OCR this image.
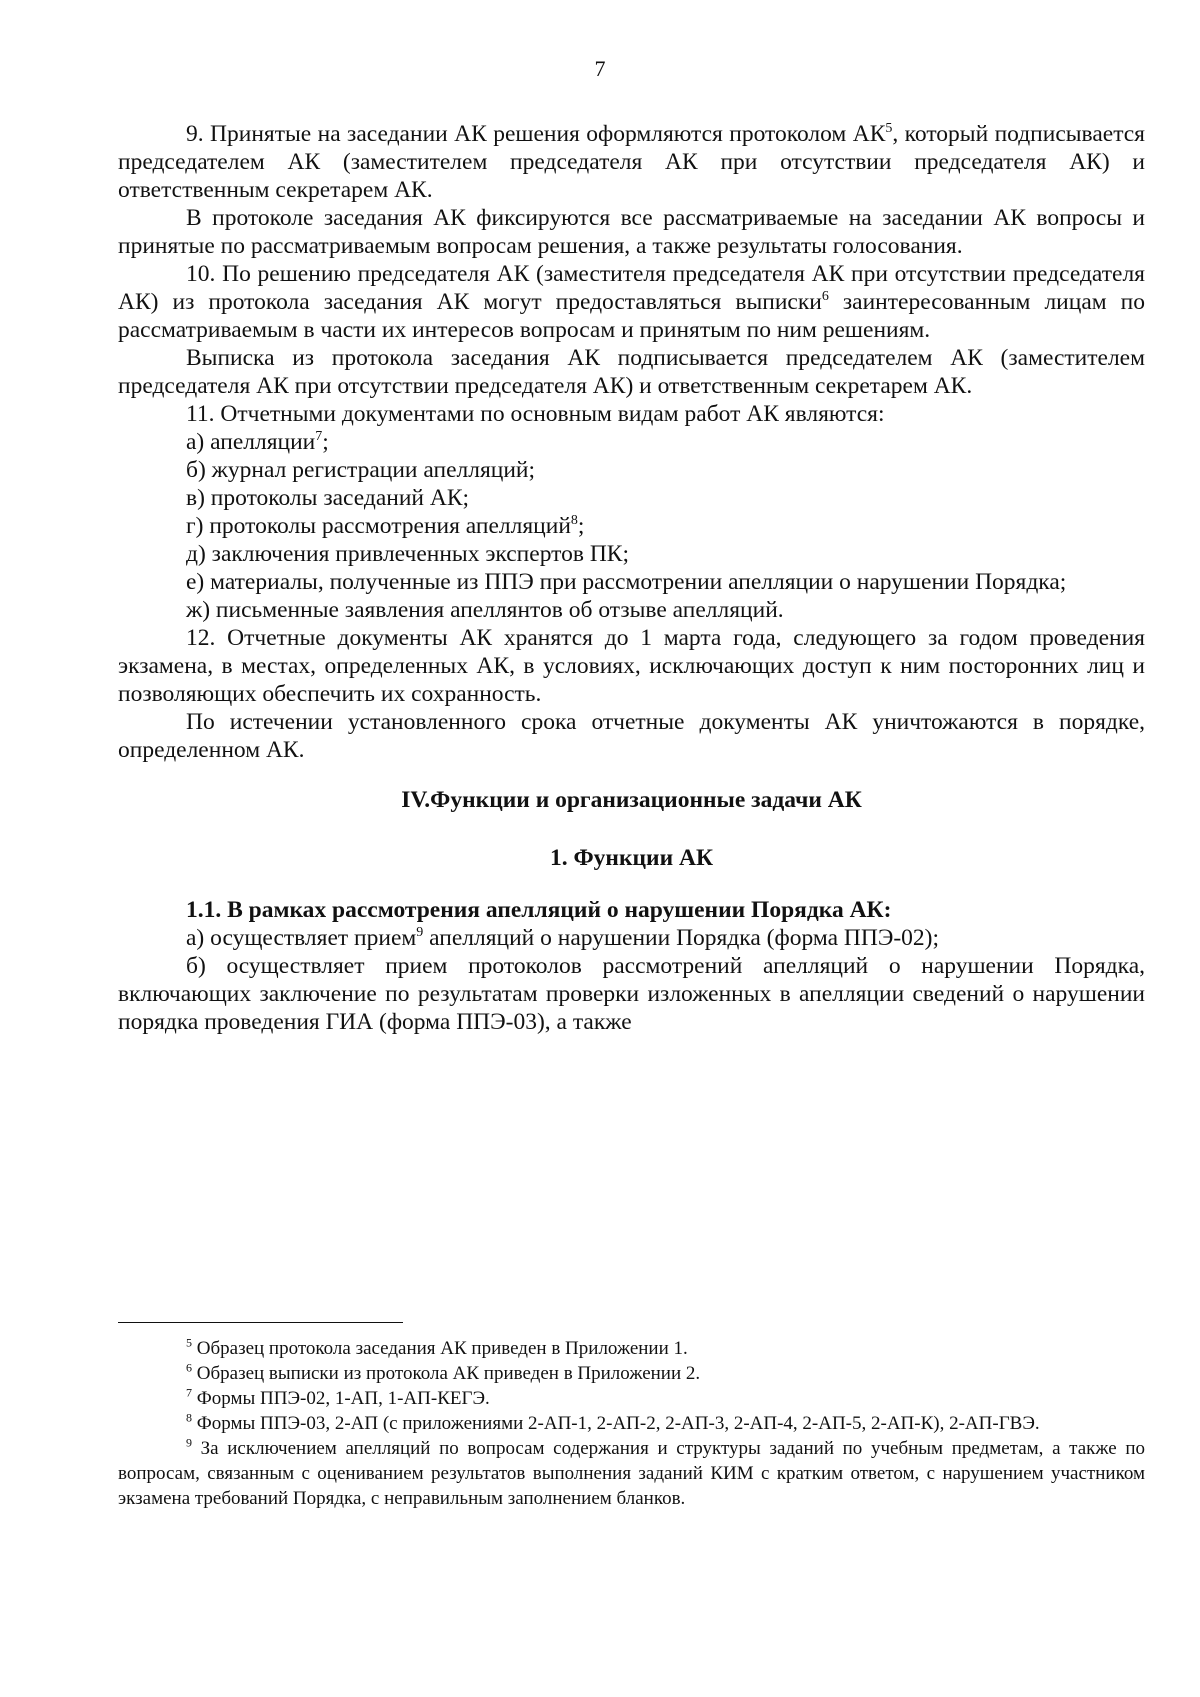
7

9. Принятые на заседании АК решения оформляются протоколом $АК^5$, который подписывается председателем АК (заместителем председателя АК при отсутствии председателя АК) и ответственным секретарем АК.

В протоколе заседания АК фиксируются все рассматриваемые на заседании АК вопросы и принятые по рассматриваемым вопросам решения, а также результаты голосования.

10. По решению председателя АК (заместителя председателя АК при отсутствии председателя АК) из протокола заседания АК могут предоставляться выписки$^6$ заинтересованным лицам по рассматриваемым в части их интересов вопросам и принятым по ним решениям.

Выписка из протокола заседания АК подписывается председателем АК (заместителем председателя АК при отсутствии председателя АК) и ответственным секретарем АК.

11. Отчетными документами по основным видам работ АК являются:

а) апелляции$^7$;

б) журнал регистрации апелляций;

в) протоколы заседаний АК;

г) протоколы рассмотрения апелляций$^8$;

д) заключения привлеченных экспертов ПК;

е) материалы, полученные из ППЭ при рассмотрении апелляции о нарушении Порядка;

ж) письменные заявления апеллянтов об отзыве апелляций.

12. Отчетные документы АК хранятся до 1 марта года, следующего за годом проведения экзамена, в местах, определенных АК, в условиях, исключающих доступ к ним посторонних лиц и позволяющих обеспечить их сохранность.

По истечении установленного срока отчетные документы АК уничтожаются в порядке, определенном АК.

IV.Функции и организационные задачи АК

1. Функции АК

1.1. В рамках рассмотрения апелляций о нарушении Порядка АК:

а) осуществляет прием$^9$ апелляций о нарушении Порядка (форма ППЭ-02);

б) осуществляет прием протоколов рассмотрений апелляций о нарушении Порядка, включающих заключение по результатам проверки изложенных в апелляции сведений о нарушении порядка проведения ГИА (форма ППЭ-03), а также

$^5$ Образец протокола заседания АК приведен в Приложении 1.

$^6$ Образец выписки из протокола АК приведен в Приложении 2.

$^7$ Формы ППЭ-02, 1-АП, 1-АП-КЕГЭ.

$^8$ Формы ППЭ-03, 2-АП (с приложениями 2-АП-1, 2-АП-2, 2-АП-3, 2-АП-4, 2-АП-5, 2-АП-К), 2-АП-ГВЭ.

$^9$ За исключением апелляций по вопросам содержания и структуры заданий по учебным предметам, а также по вопросам, связанным с оцениванием результатов выполнения заданий КИМ с кратким ответом, с нарушением участником экзамена требований Порядка, с неправильным заполнением бланков.
